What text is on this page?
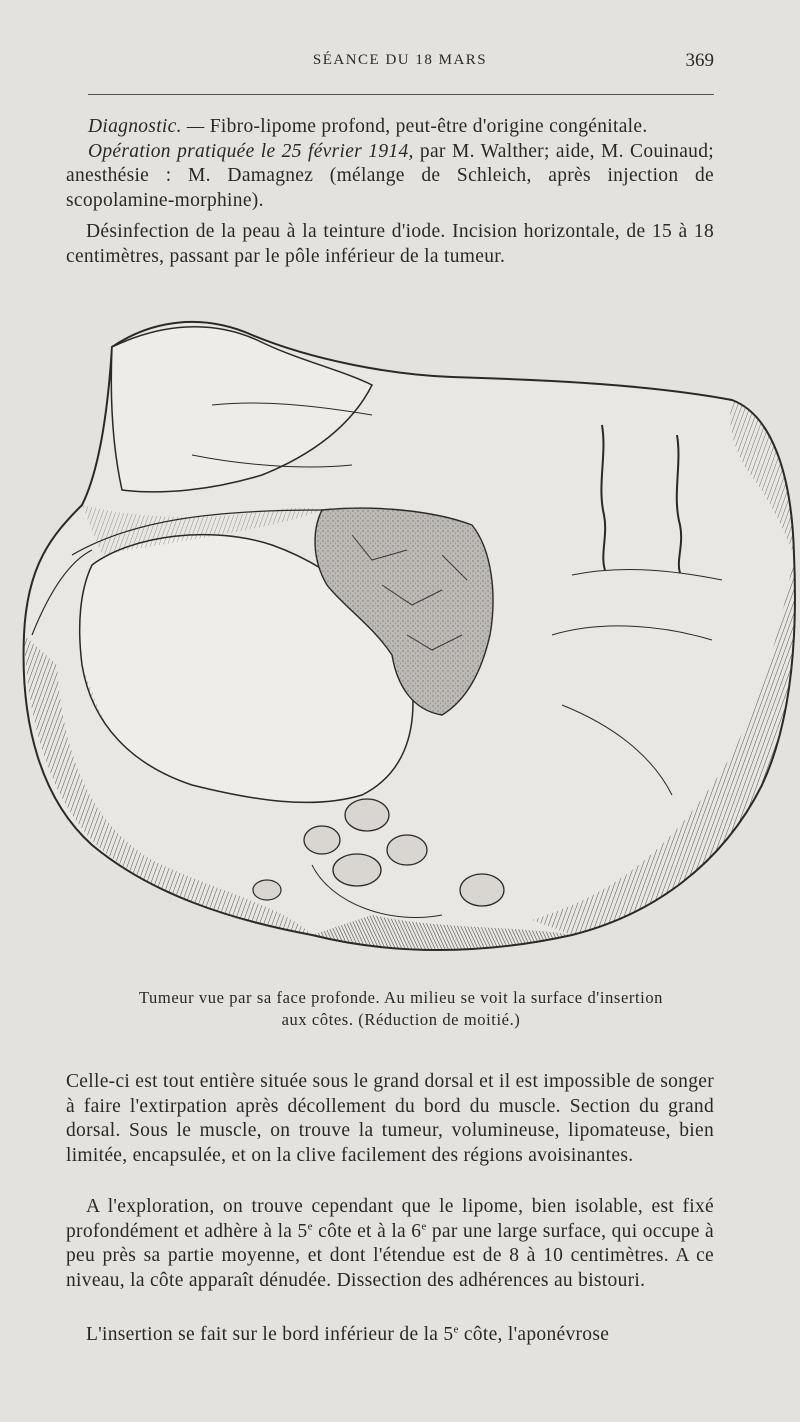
SÉANCE DU 18 MARS	369

Diagnostic. — Fibro-lipome profond, peut-être d'origine congénitale.
Opération pratiquée le 25 février 1914, par M. Walther; aide, M. Couinaud; anesthésie : M. Damagnez (mélange de Schleich, après injection de scopolamine-morphine).

Désinfection de la peau à la teinture d'iode. Incision horizontale, de 15 à 18 centimètres, passant par le pôle inférieur de la tumeur.

Tumeur vue par sa face profonde. Au milieu se voit la surface d'insertion
aux côtes. (Réduction de moitié.)

Celle-ci est tout entière située sous le grand dorsal et il est impossible de songer à faire l'extirpation après décollement du bord du muscle. Section du grand dorsal. Sous le muscle, on trouve la tumeur, volumineuse, lipomateuse, bien limitée, encapsulée, et on la clive facilement des régions avoisinantes.

A l'exploration, on trouve cependant que le lipome, bien isolable, est fixé profondément et adhère à la 5e côte et à la 6e par une large surface, qui occupe à peu près sa partie moyenne, et dont l'étendue est de 8 à 10 centimètres. A ce niveau, la côte apparaît dénudée. Dissection des adhérences au bistouri.

L'insertion se fait sur le bord inférieur de la 5e côte, l'aponévrose
